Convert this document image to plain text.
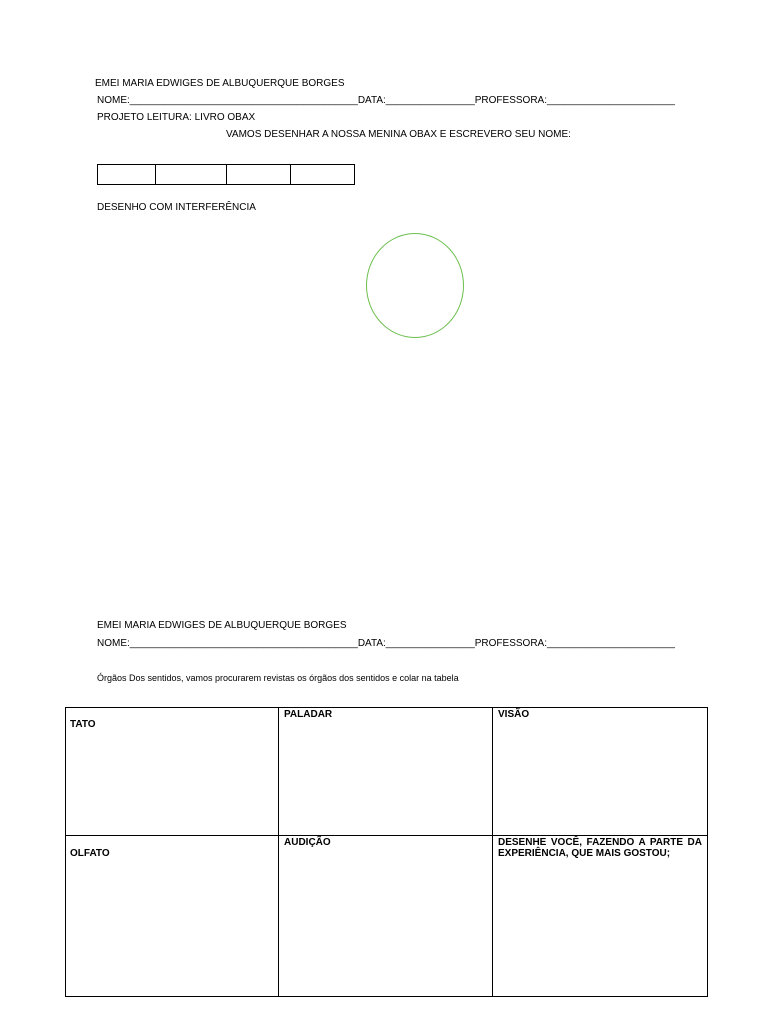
EMEI MARIA EDWIGES DE ALBUQUERQUE BORGES
NOME:_________________________________________DATA:________________PROFESSORA:_______________________
PROJETO LEITURA: LIVRO OBAX
VAMOS DESENHAR A NOSSA MENINA OBAX E ESCREVERO SEU NOME:
DESENHO COM INTERFERÊNCIA
EMEI MARIA EDWIGES DE ALBUQUERQUE BORGES
NOME:_________________________________________DATA:________________PROFESSORA:_______________________
Órgãos Dos sentidos, vamos procurarem revistas os órgãos dos sentidos e colar na tabela
TATO	PALADAR	VISÃO

OLFATO	AUDIÇÃO	DESENHE VOCÊ, FAZENDO A PARTE DA EXPERIÊNCIA, QUE MAIS GOSTOU;
